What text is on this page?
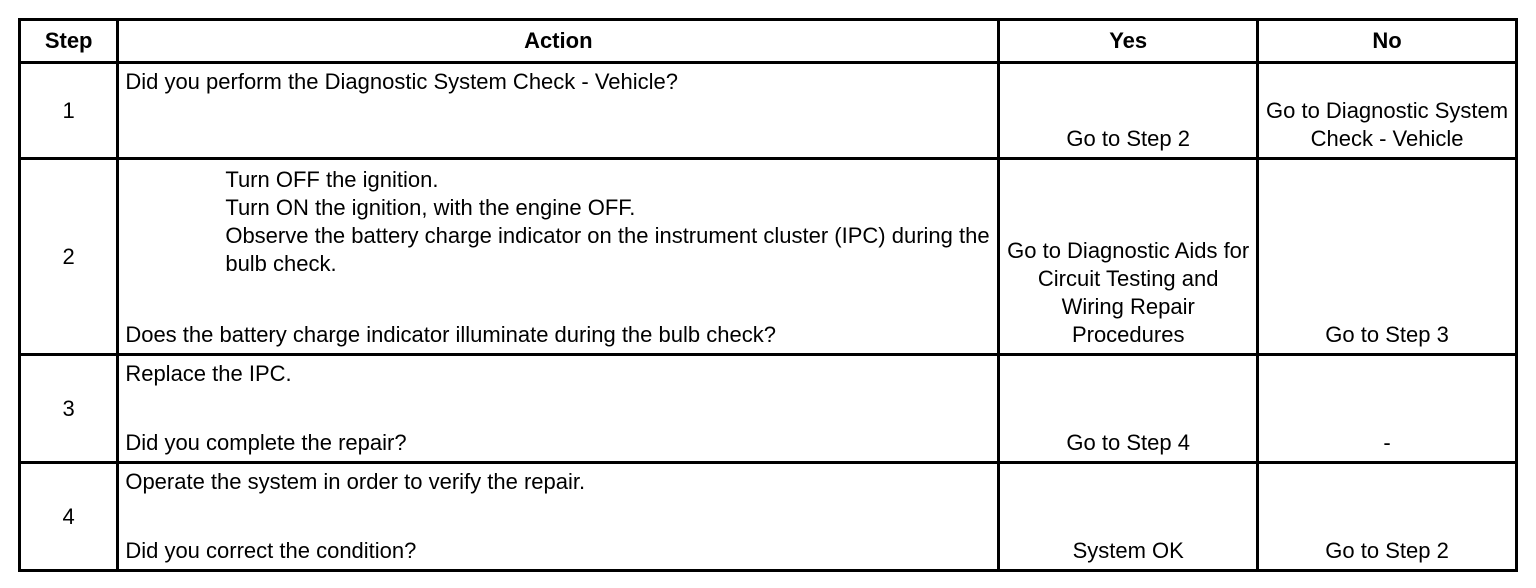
Step	Action	Yes	No
1	Did you perform the Diagnostic System Check - Vehicle?	Go to Step 2	Go to Diagnostic System Check - Vehicle

2	Turn OFF the ignition.
Turn ON the ignition, with the engine OFF.
Observe the battery charge indicator on the instrument cluster (IPC) during the bulb check.
Does the battery charge indicator illuminate during the bulb check?	Go to Diagnostic Aids for Circuit Testing and Wiring Repair Procedures	Go to Step 3

3	Replace the IPC.
Did you complete the repair?	Go to Step 4	-

4	Operate the system in order to verify the repair.
Did you correct the condition?	System OK	Go to Step 2
